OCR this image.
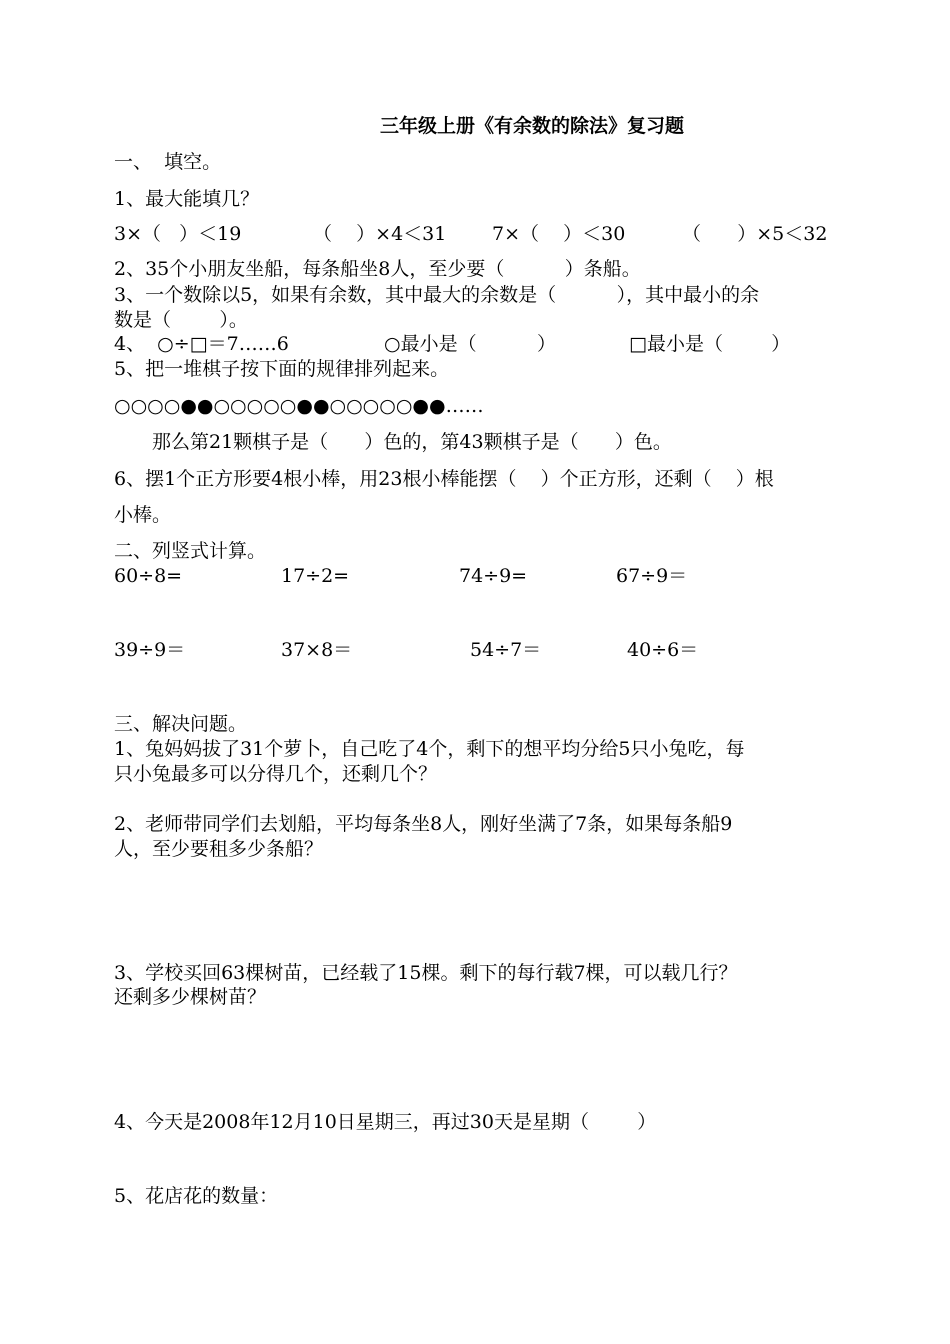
三年级上册《有余数的除法》复习题
一、  填空。
1、最大能填几？
3×（   ）＜19	（    ）×4＜31 7×（    ）＜30	（      ）×5＜32
2、35个小朋友坐船，每条船坐8人，至少要（          ）条船。
3、一个数除以5，如果有余数，其中最大的余数是（          ），其中最小的余
数是（        ）。
4、  ○÷□＝7……6	○最小是（          ）	□最小是（        ）
5、把一堆棋子按下面的规律排列起来。
○○○○●●○○○○○●●○○○○○●●……
那么第21颗棋子是（      ）色的，第43颗棋子是（      ）色。
6、摆1个正方形要4根小棒，用23根小棒能摆（    ）个正方形，还剩（    ）根
小棒。
二、列竖式计算。
60÷8=	17÷2=	74÷9=	67÷9＝
39÷9＝	37×8＝	54÷7＝	40÷6＝
三、解决问题。
1、兔妈妈拔了31个萝卜，自己吃了4个，剩下的想平均分给5只小兔吃，每
只小兔最多可以分得几个，还剩几个？
2、老师带同学们去划船，平均每条坐8人，刚好坐满了7条，如果每条船9
人，至少要租多少条船？
3、学校买回63棵树苗，已经载了15棵。剩下的每行载7棵，可以载几行？
还剩多少棵树苗？
4、今天是2008年12月10日星期三，再过30天是星期（        ）
5、花店花的数量：
